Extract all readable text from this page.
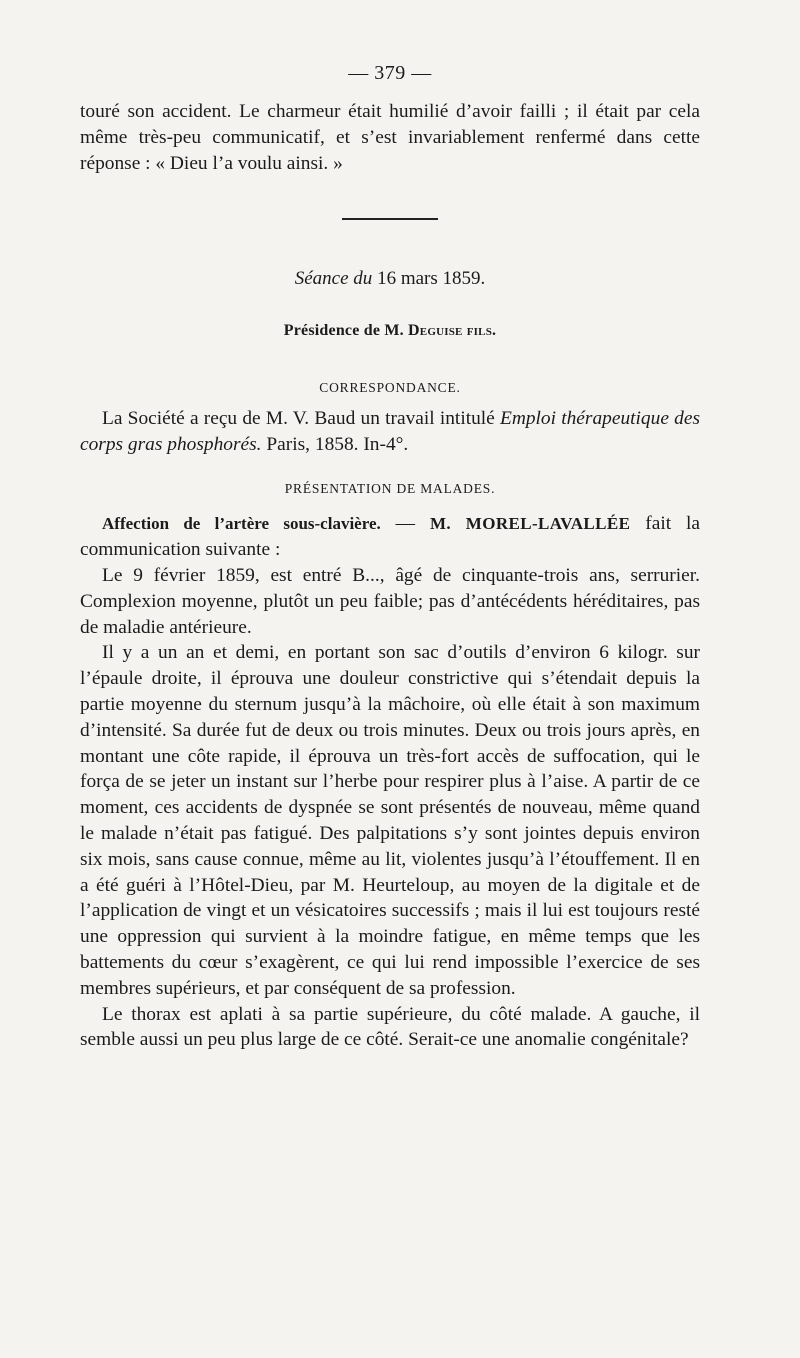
— 379 —

touré son accident. Le charmeur était humilié d’avoir failli ; il était par cela même très-peu communicatif, et s’est invariablement renfermé dans cette réponse : « Dieu l’a voulu ainsi. »

Séance du 16 mars 1859.
Présidence de M. Deguise fils.
CORRESPONDANCE.

La Société a reçu de M. V. Baud un travail intitulé Emploi thérapeutique des corps gras phosphorés. Paris, 1858. In-4°.

PRÉSENTATION DE MALADES.

Affection de l’artère sous-clavière. — M. MOREL-LAVALLÉE fait la communication suivante :

Le 9 février 1859, est entré B..., âgé de cinquante-trois ans, serrurier. Complexion moyenne, plutôt un peu faible; pas d’antécédents héréditaires, pas de maladie antérieure.

Il y a un an et demi, en portant son sac d’outils d’environ 6 kilogr. sur l’épaule droite, il éprouva une douleur constrictive qui s’étendait depuis la partie moyenne du sternum jusqu’à la mâchoire, où elle était à son maximum d’intensité. Sa durée fut de deux ou trois minutes. Deux ou trois jours après, en montant une côte rapide, il éprouva un très-fort accès de suffocation, qui le força de se jeter un instant sur l’herbe pour respirer plus à l’aise. A partir de ce moment, ces accidents de dyspnée se sont présentés de nouveau, même quand le malade n’était pas fatigué. Des palpitations s’y sont jointes depuis environ six mois, sans cause connue, même au lit, violentes jusqu’à l’étouffement. Il en a été guéri à l’Hôtel-Dieu, par M. Heurteloup, au moyen de la digitale et de l’application de vingt et un vésicatoires successifs ; mais il lui est toujours resté une oppression qui survient à la moindre fatigue, en même temps que les battements du cœur s’exagèrent, ce qui lui rend impossible l’exercice de ses membres supérieurs, et par conséquent de sa profession.

Le thorax est aplati à sa partie supérieure, du côté malade. A gauche, il semble aussi un peu plus large de ce côté. Serait-ce une anomalie congénitale?
